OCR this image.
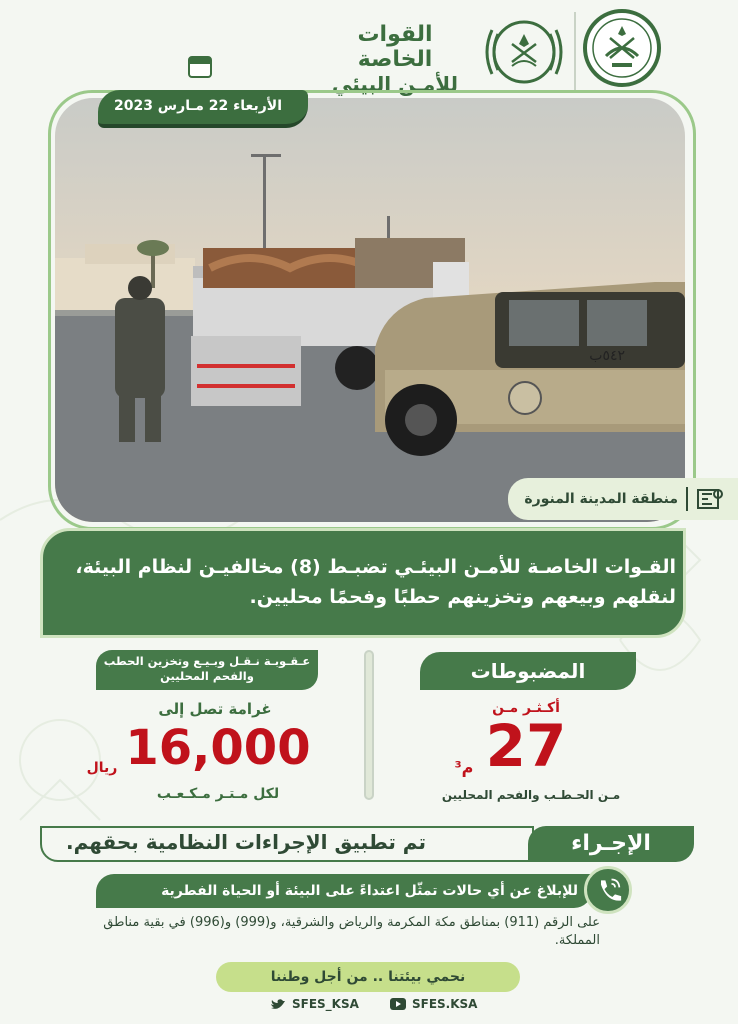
القوات الخاصة
للأمـن البيئي
٥٤٢ب
الأربعاء 22 مـارس 2023
منطقة المدينة المنورة
القـوات الخاصـة للأمـن البيئـي تضبـط (8) مخالفيـن لنظام البيئة، لنقلهم وبيعهم وتخزينهم حطبًا وفحمًا محليين.
المضبوطات
أكـثـر مـن
27
م³
مـن الحـطـب والفحم المحليين
عـقـوبـة نـقـل وبـيـع وتخزين الحطب والفحم المحليين
غرامة تصل إلى
16,000
ريال
لكل مـتـر مـكـعـب
الإجـراء
تم تطبيق الإجراءات النظامية بحقهم.
للإبلاغ عن أي حالات تمثّل اعتداءً على البيئة أو الحياة الفطرية
على الرقم (911) بمناطق مكة المكرمة والرياض والشرقية، و(999) و(996) في بقية مناطق المملكة.
نحمي بيئتنا .. من أجل وطننا
SFES_KSA	SFES.KSA
